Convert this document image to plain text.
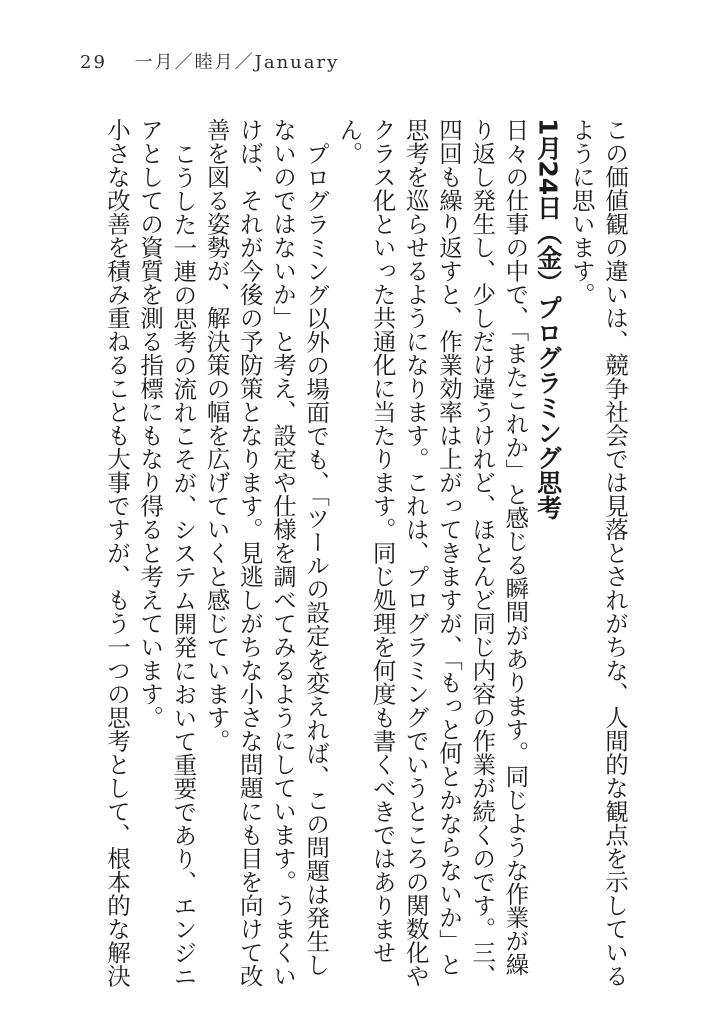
29 一月／睦月／January

この価値観の違いは、競争社会では見落とされがちな、人間的な観点を示しているように思います。

1月24日（金）プログラミング思考

日々の仕事の中で、「またこれか」と感じる瞬間があります。同じような作業が繰り返し発生し、少しだけ違うけれど、ほとんど同じ内容の作業が続くのです。三、四回も繰り返すと、作業効率は上がってきますが、「もっと何とかならないか」と思考を巡らせるようになります。これは、プログラミングでいうところの関数化やクラス化といった共通化に当たります。同じ処理を何度も書くべきではありません。

プログラミング以外の場面でも、「ツールの設定を変えれば、この問題は発生しないのではないか」と考え、設定や仕様を調べてみるようにしています。うまくいけば、それが今後の予防策となります。見逃しがちな小さな問題にも目を向けて改善を図る姿勢が、解決策の幅を広げていくと感じています。

こうした一連の思考の流れこそが、システム開発において重要であり、エンジニアとしての資質を測る指標にもなり得ると考えています。

小さな改善を積み重ねることも大事ですが、もう一つの思考として、根本的な解決
